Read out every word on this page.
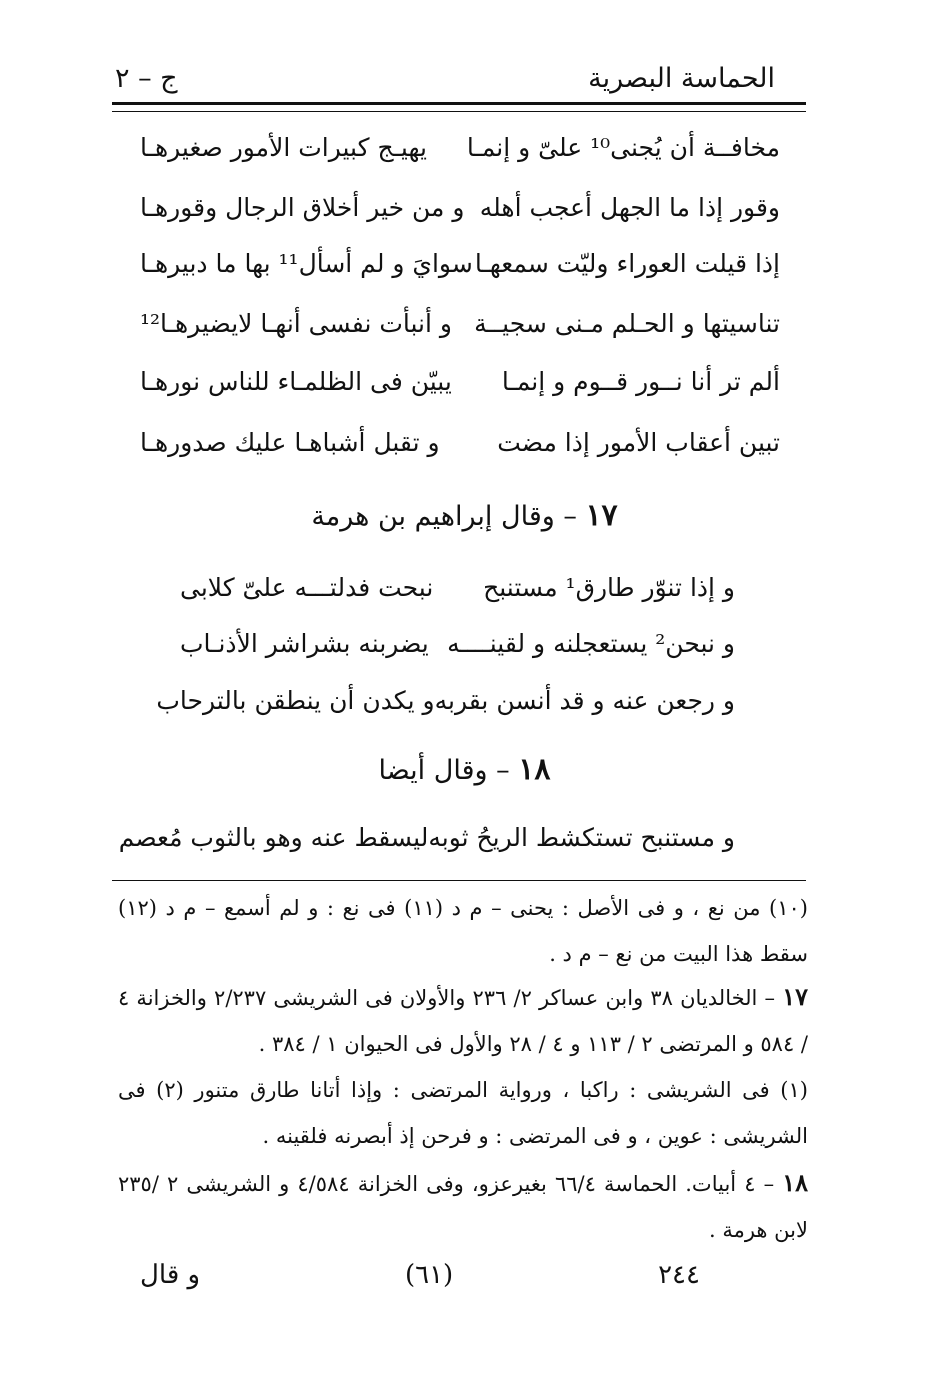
الحماسة البصرية
ج – ٢
مخافــة أن يُجنى¹⁰ علىّ و إنمـا
يهيـج كبيرات الأمور صغيرهـا
وقور إذا ما الجهل أعجب أهله
و من خير أخلاق الرجال وقورهـا
إذا قيلت العوراء وليّت سمعهـا
سوايَ و لم أسأل¹¹ بها ما دبيرهـا
تناسيتها و الحـلم مـنى سجيــة
و أنبأت نفسى أنهـا لايضيرهـا¹²
ألم تر أنا نــور قــوم و إنمـا
يبيّن فى الظلمـاء للناس نورهـا
تبين أعقاب الأمور إذا مضت
و تقبل أشباهـا عليك صدورهـا
١٧ – وقال إبراهيم بن هرمة
و إذا تنوّر طارق¹ مستنبح
نبحت فدلتـــه علىّ كلابى
و نبحن² يستعجلنه و لقينــــه
يضربنه بشراشر الأذنـاب
و رجعن عنه و قد أنسن بقربه
و يكدن أن ينطقن بالترحاب
١٨ – وقال أيضا
و مستنبح تستكشط الريحُ ثوبه
ليسقط عنه وهو بالثوب مُعصم
(١٠) من نع ، و فى الأصل : يحنى – م د (١١) فى نع : و لم أسمع – م د (١٢) سقط هذا البيت من نع – م د .
١٧ – الخالديان ٣٨ وابن عساكر ٢/ ٢٣٦ والأولان فى الشريشى ٢/٢٣٧ والخزانة ٤ / ٥٨٤ و المرتضى ٢ / ١١٣ و ٤ / ٢٨ والأول فى الحيوان ١ / ٣٨٤ .
(١) فى الشريشى : راكبا ، ورواية المرتضى : وإذا أتانا طارق متنور (٢) فى الشريشى : عوين ، و فى المرتضى : و فرحن إذ أبصرنه فلقينه .
١٨ – ٤ أبيات. الحماسة ٦٦/٤ بغيرعزو، وفى الخزانة ٤/٥٨٤ و الشريشى ٢ /٢٣٥ لابن هرمة .
٢٤٤
(٦١)
و قال
